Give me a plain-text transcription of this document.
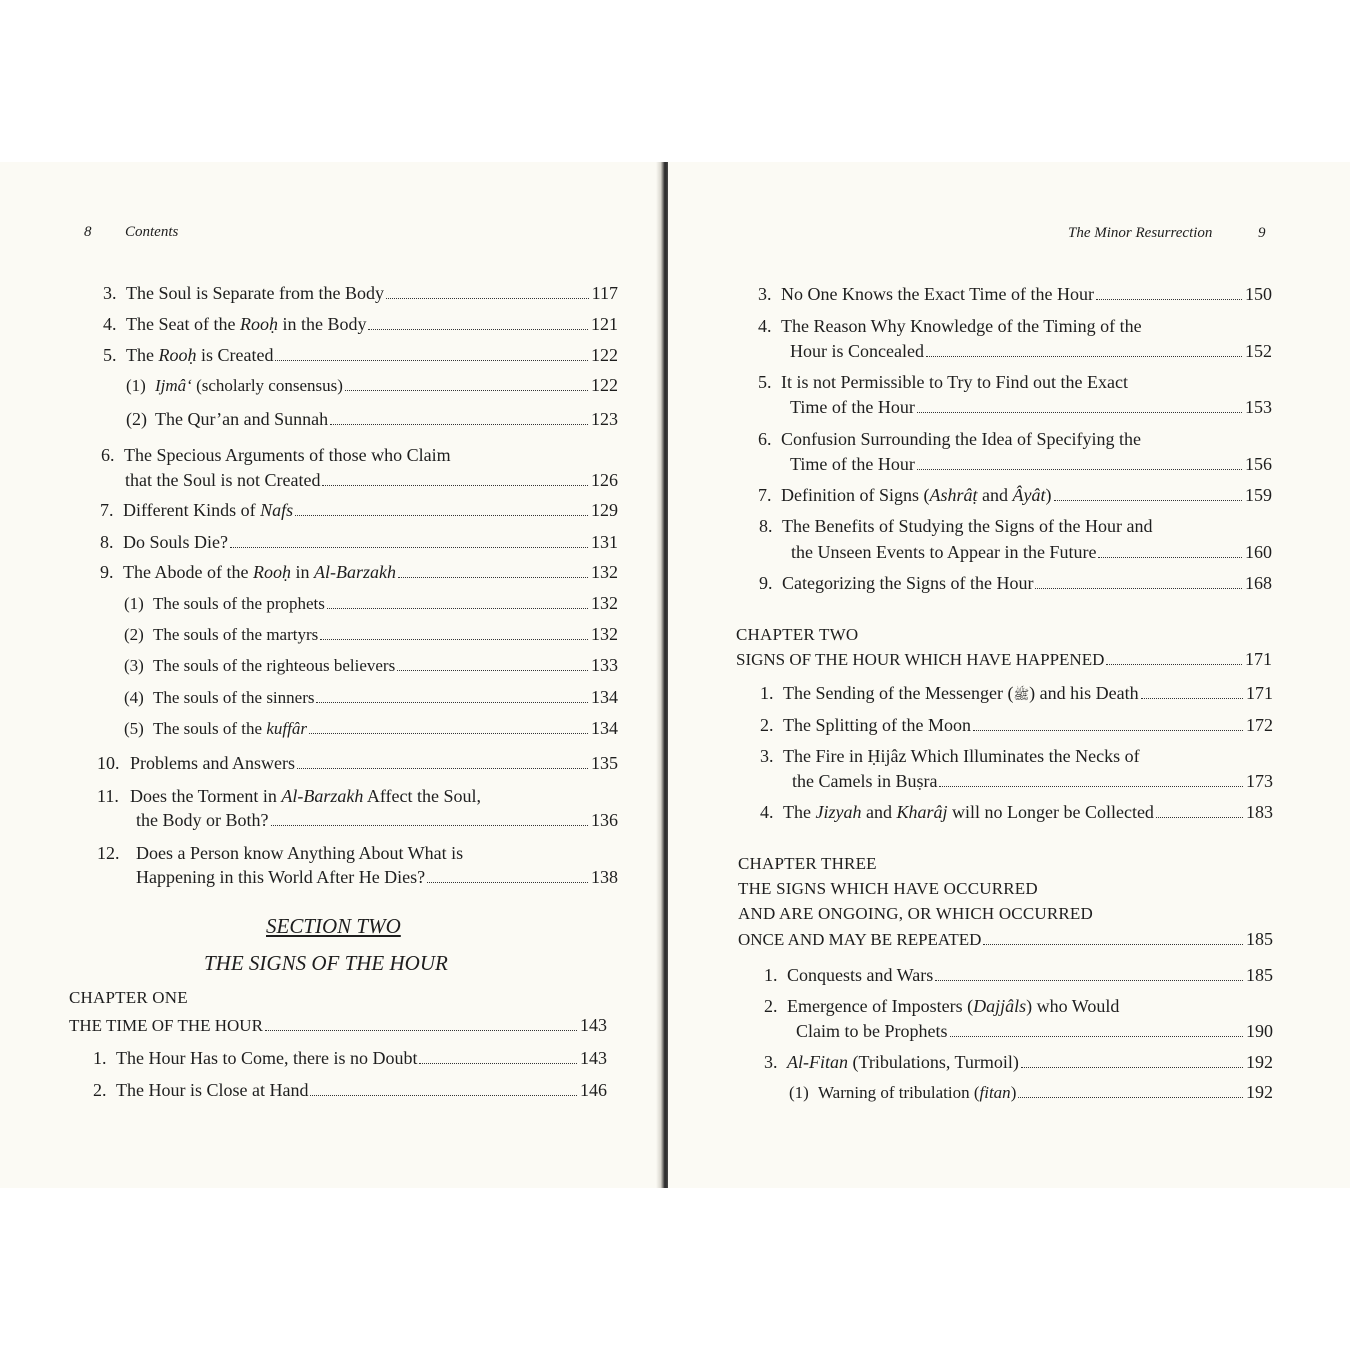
8 Contents
3. The Soul is Separate from the Body	117
4. The Seat of the Rooḥ in the Body	121
5. The Rooḥ is Created	122
(1) Ijmâ‘ (scholarly consensus)	122
(2) The Qur’an and Sunnah	123
6. The Specious Arguments of those who Claim
that the Soul is not Created	126
7. Different Kinds of Nafs	129
8. Do Souls Die?	131
9. The Abode of the Rooḥ in Al-Barzakh	132
(1) The souls of the prophets	132
(2) The souls of the martyrs	132
(3) The souls of the righteous believers	133
(4) The souls of the sinners	134
(5) The souls of the kuffâr	134
10. Problems and Answers	135
11. Does the Torment in Al-Barzakh Affect the Soul,
the Body or Both?	136
12. Does a Person know Anything About What is
Happening in this World After He Dies?	138
SECTION TWO
THE SIGNS OF THE HOUR
CHAPTER ONE
THE TIME OF THE HOUR	143
1. The Hour Has to Come, there is no Doubt	143
2. The Hour is Close at Hand	146
The Minor Resurrection	9
3. No One Knows the Exact Time of the Hour	150
4. The Reason Why Knowledge of the Timing of the
Hour is Concealed	152
5. It is not Permissible to Try to Find out the Exact
Time of the Hour	153
6. Confusion Surrounding the Idea of Specifying the
Time of the Hour	156
7. Definition of Signs (Ashrâṭ and Âyât)	159
8. The Benefits of Studying the Signs of the Hour and
the Unseen Events to Appear in the Future	160
9. Categorizing the Signs of the Hour	168
CHAPTER TWO
SIGNS OF THE HOUR WHICH HAVE HAPPENED	171
1. The Sending of the Messenger (ﷺ) and his Death	171
2. The Splitting of the Moon	172
3. The Fire in Ḥijâz Which Illuminates the Necks of
the Camels in Buṣra	173
4. The Jizyah and Kharâj will no Longer be Collected	183
CHAPTER THREE
THE SIGNS WHICH HAVE OCCURRED
AND ARE ONGOING, OR WHICH OCCURRED
ONCE AND MAY BE REPEATED	185
1. Conquests and Wars	185
2. Emergence of Imposters (Dajjâls) who Would
Claim to be Prophets	190
3. Al-Fitan (Tribulations, Turmoil)	192
(1) Warning of tribulation (fitan)	192
